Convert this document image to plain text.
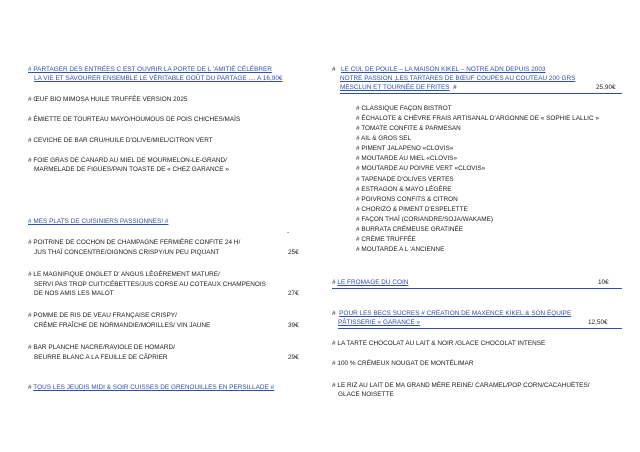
# PARTAGER DES ENTRÉES C EST OUVRIR LA PORTE DE L 'AMITIÉ CÉLÉBRER
LA VIE ET SAVOURER ENSEMBLE LE VÉRITABLE GOÛT DU PARTAGE .... A 16,90€
# ŒUF BIO MIMOSA HUILE TRUFFÉE VERSION 2025
# ÉMIETTE DE TOURTEAU MAYO/HOUMOUS DE POIS CHICHES/MAÏS
# CEVICHE DE BAR CRU/HUILE D'OLIVE/MIEL/CITRON VERT
# FOIE GRAS DE CANARD AU MIEL DE MOURMELON-LE-GRAND/
MARMELADE DE FIGUES/PAIN TOASTE DE « CHEZ GARANCE »
# MES PLATS DE CUISINIERS PASSIONNES! #
-
# POITRINE DE COCHON DE CHAMPAGNE FERMIÈRE CONFITE 24 H/
JUS THAÏ CONCENTRE/OIGNONS CRISPY/UN PEU PIQUANT	25€
# LE MAGNIFIQUE ONGLET D' ANGUS LÉGÈREMENT MATURE/
SERVI PAS TROP CUIT/CÉBETTES/JUS CORSE AU COTEAUX CHAMPENOIS
DE NOS AMIS LES MALOT	27€
# POMME DE RIS DE VEAU FRANÇAISE CRISPY/
CRÈME FRAÎCHE DE NORMANDIE/MORILLES/ VIN JAUNE	39€
# BAR PLANCHE NACRE/RAVIOLE DE HOMARD/
BEURRE BLANC A LA FEUILLE DE CÂPRIER	29€
# TOUS LES JEUDIS MIDI & SOIR CUISSES DE GRENOUILLES EN PERSILLADE #
# LE CUL DE POULE – LA MAISON KIKEL – NOTRE ADN DEPUIS 2003
NOTRE PASSION ,LES TARTARES DE BŒUF COUPES AU COUTEAU 200 GRS
MESCLUN ET TOURNÉE DE FRITES #	25,90€
# CLASSIQUE FAÇON BISTROT
# ÉCHALOTE & CHÈVRE FRAIS ARTISANAL D'ARGONNE DE « SOPHIE LALLIC »
# TOMATE CONFITE & PARMESAN
# AIL & GROS SEL
# PIMENT JALAPENO «CLOVIS»
# MOUTARDE AU MIEL «CLOVIS»
# MOUTARDE AU POIVRE VERT «CLOVIS»
# TAPENADE D'OLIVES VERTES
# ESTRAGON & MAYO LÉGÈRE
# POIVRONS CONFITS & CITRON
# CHORIZO & PIMENT D'ESPELETTE
# FAÇON THAÏ (CORIANDRE/SOJA/WAKAME)
# BURRATA CRÉMEUSE GRATINÉE
# CRÈME TRUFFÉE
# MOUTARDE A L 'ANCIENNE
# LE FROMAGE DU COIN	10€
# POUR LES BECS SUCRES # CRÉATION DE MAXENCE KIKEL & SON ÉQUIPE
PÂTISSERIE « GARANCE »	12,50€
# LA TARTE CHOCOLAT AU LAIT & NOIR /GLACE CHOCOLAT INTENSE
# 100 % CRÉMEUX NOUGAT DE MONTÉLIMAR
# LE RIZ AU LAIT DE MA GRAND MÈRE REINE/ CARAMEL/POP CORN/CACAHUÈTES/
GLACE NOISETTE
